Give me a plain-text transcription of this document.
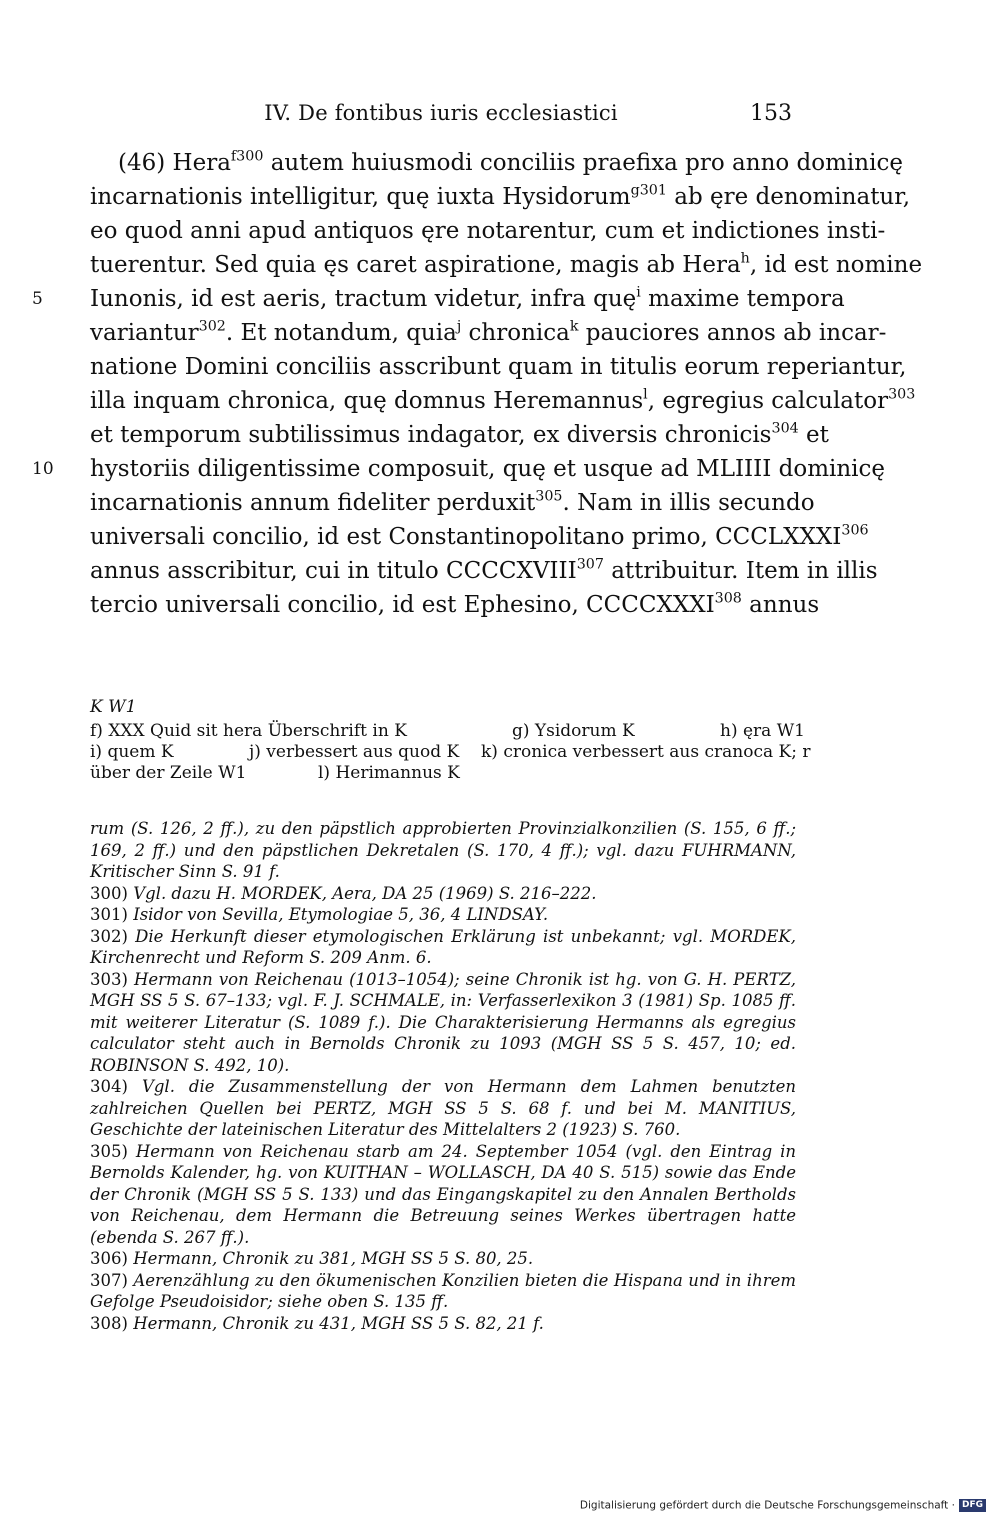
IV. De fontibus iuris ecclesiastici	153
(46) Hera$^{f300}$ autem huiusmodi conciliis praefixa pro anno dominicę
incarnationis intelligitur, quę iuxta Hysidorum$^{g301}$ ab ęre denominatur,
eo quod anni apud antiquos ęre notarentur, cum et indictiones insti-
tuerentur. Sed quia ęs caret aspiratione, magis ab Hera$^h$, id est nomine
5	Iunonis, id est aeris, tractum videtur, infra quę$^i$ maxime tempora
variantur$^{302}$. Et notandum, quia$^j$ chronica$^k$ pauciores annos ab incar-
natione Domini conciliis asscribunt quam in titulis eorum reperiantur,
illa inquam chronica, quę domnus Heremannus$^l$, egregius calculator$^{303}$
et temporum subtilissimus indagator, ex diversis chronicis$^{304}$ et
10 hystoriis diligentissime composuit, quę et usque ad MLIIII dominicę
incarnationis annum fideliter perduxit$^{305}$. Nam in illis secundo
universali concilio, id est Constantinopolitano primo, CCCLXXXI$^{306}$
annus asscribitur, cui in titulo CCCCXVIII$^{307}$ attribuitur. Item in illis
tercio universali concilio, id est Ephesino, CCCCXXXI$^{308}$ annus
K W1
f) XXX Quid sit hera Überschrift in K	g) Ysidorum K	h) ęra W1
i) quem K	j) verbessert aus quod K k) cronica verbessert aus cranoca K; r
über der Zeile W1	l) Herimannus K
rum (S. 126, 2 ff.), zu den päpstlich approbierten Provinzialkonzilien (S. 155, 6 ff.; 169, 2 ff.) und den päpstlichen Dekretalen (S. 170, 4 ff.); vgl. dazu FUHRMANN, Kritischer Sinn S. 91 f.
300) Vgl. dazu H. MORDEK, Aera, DA 25 (1969) S. 216–222.
301) Isidor von Sevilla, Etymologiae 5, 36, 4 LINDSAY.
302) Die Herkunft dieser etymologischen Erklärung ist unbekannt; vgl. MORDEK, Kirchenrecht und Reform S. 209 Anm. 6.
303) Hermann von Reichenau (1013–1054); seine Chronik ist hg. von G. H. PERTZ, MGH SS 5 S. 67–133; vgl. F. J. SCHMALE, in: Verfasserlexikon 3 (1981) Sp. 1085 ff. mit weiterer Literatur (S. 1089 f.). Die Charakterisierung Hermanns als egregius calculator steht auch in Bernolds Chronik zu 1093 (MGH SS 5 S. 457, 10; ed. ROBINSON S. 492, 10).
304) Vgl. die Zusammenstellung der von Hermann dem Lahmen benutzten zahlreichen Quellen bei PERTZ, MGH SS 5 S. 68 f. und bei M. MANITIUS, Geschichte der lateinischen Literatur des Mittelalters 2 (1923) S. 760.
305) Hermann von Reichenau starb am 24. September 1054 (vgl. den Eintrag in Bernolds Kalender, hg. von KUITHAN – WOLLASCH, DA 40 S. 515) sowie das Ende der Chronik (MGH SS 5 S. 133) und das Eingangskapitel zu den Annalen Bertholds von Reichenau, dem Hermann die Betreuung seines Werkes übertragen hatte (ebenda S. 267 ff.).
306) Hermann, Chronik zu 381, MGH SS 5 S. 80, 25.
307) Aerenzählung zu den ökumenischen Konzilien bieten die Hispana und in ihrem Gefolge Pseudoisidor; siehe oben S. 135 ff.
308) Hermann, Chronik zu 431, MGH SS 5 S. 82, 21 f.
Digitalisierung gefördert durch die Deutsche Forschungsgemeinschaft · DFG
